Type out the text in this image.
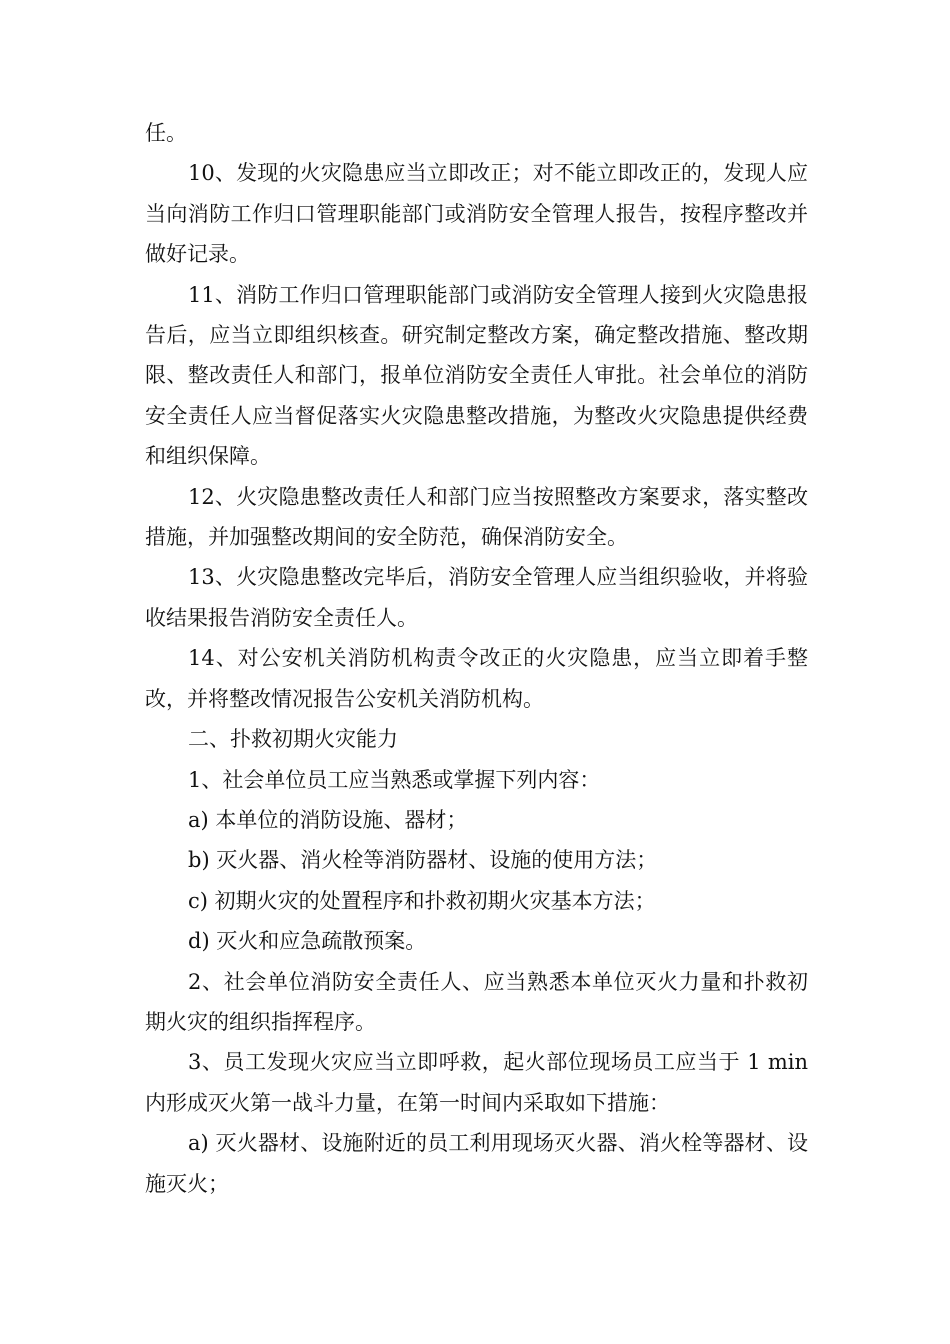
任。

10、发现的火灾隐患应当立即改正；对不能立即改正的，发现人应当向消防工作归口管理职能部门或消防安全管理人报告，按程序整改并做好记录。

11、消防工作归口管理职能部门或消防安全管理人接到火灾隐患报告后，应当立即组织核查。研究制定整改方案，确定整改措施、整改期限、整改责任人和部门，报单位消防安全责任人审批。社会单位的消防安全责任人应当督促落实火灾隐患整改措施，为整改火灾隐患提供经费和组织保障。

12、火灾隐患整改责任人和部门应当按照整改方案要求，落实整改措施，并加强整改期间的安全防范，确保消防安全。

13、火灾隐患整改完毕后，消防安全管理人应当组织验收，并将验收结果报告消防安全责任人。

14、对公安机关消防机构责令改正的火灾隐患，应当立即着手整改，并将整改情况报告公安机关消防机构。

二、扑救初期火灾能力

1、社会单位员工应当熟悉或掌握下列内容：

a) 本单位的消防设施、器材；

b) 灭火器、消火栓等消防器材、设施的使用方法；

c) 初期火灾的处置程序和扑救初期火灾基本方法；

d) 灭火和应急疏散预案。

2、社会单位消防安全责任人、应当熟悉本单位灭火力量和扑救初期火灾的组织指挥程序。

3、员工发现火灾应当立即呼救，起火部位现场员工应当于 1 min 内形成灭火第一战斗力量，在第一时间内采取如下措施：

a) 灭火器材、设施附近的员工利用现场灭火器、消火栓等器材、设施灭火；
